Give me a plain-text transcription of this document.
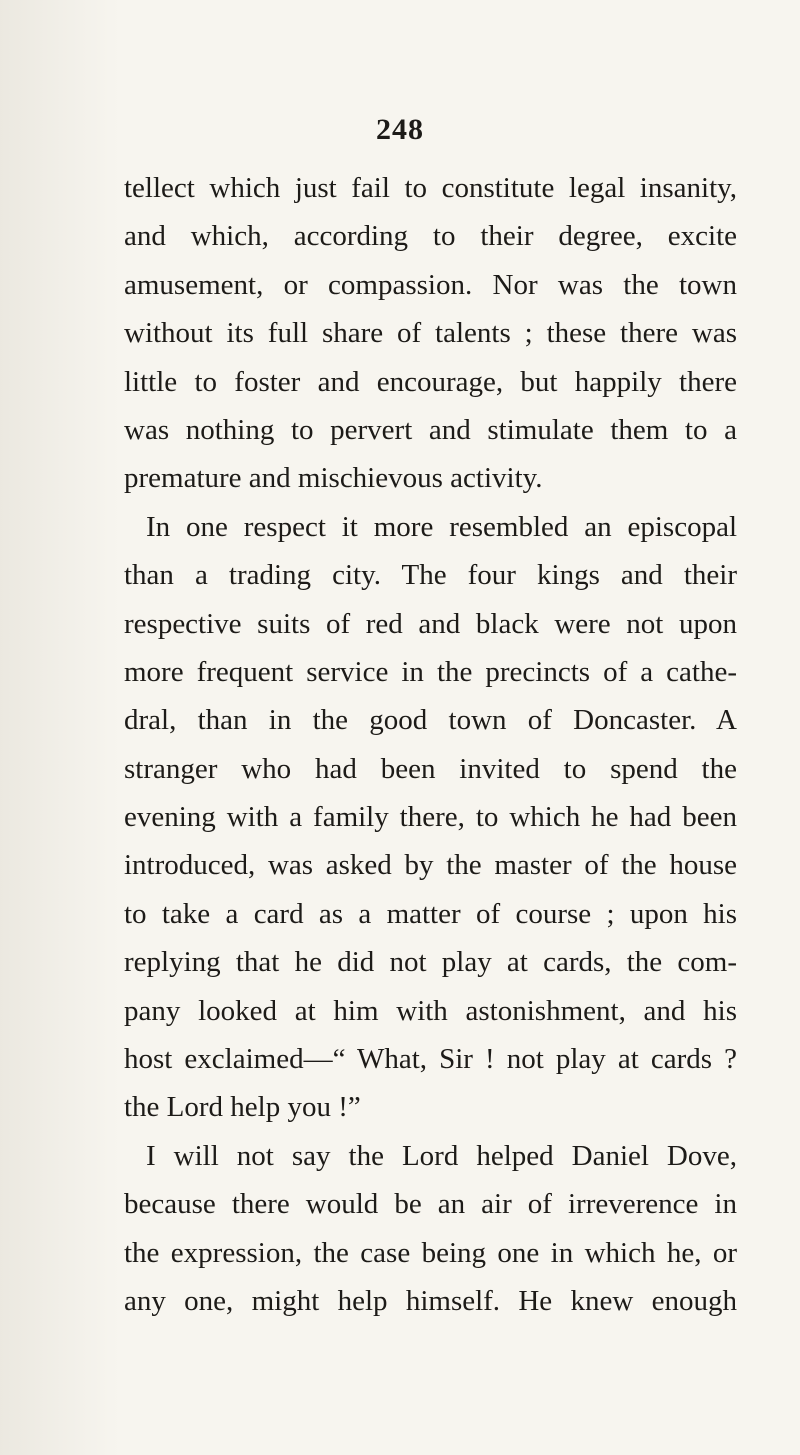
248
tellect which just fail to constitute legal insanity,
and which, according to their degree, excite
amusement, or compassion. Nor was the town
without its full share of talents ; these there was
little to foster and encourage, but happily there
was nothing to pervert and stimulate them to a
premature and mischievous activity.
In one respect it more resembled an episcopal
than a trading city. The four kings and their
respective suits of red and black were not upon
more frequent service in the precincts of a cathe-
dral, than in the good town of Doncaster. A
stranger who had been invited to spend the
evening with a family there, to which he had been
introduced, was asked by the master of the house
to take a card as a matter of course ; upon his
replying that he did not play at cards, the com-
pany looked at him with astonishment, and his
host exclaimed—“ What, Sir ! not play at cards ?
the Lord help you !”
I will not say the Lord helped Daniel Dove,
because there would be an air of irreverence in
the expression, the case being one in which he, or
any one, might help himself. He knew enough
